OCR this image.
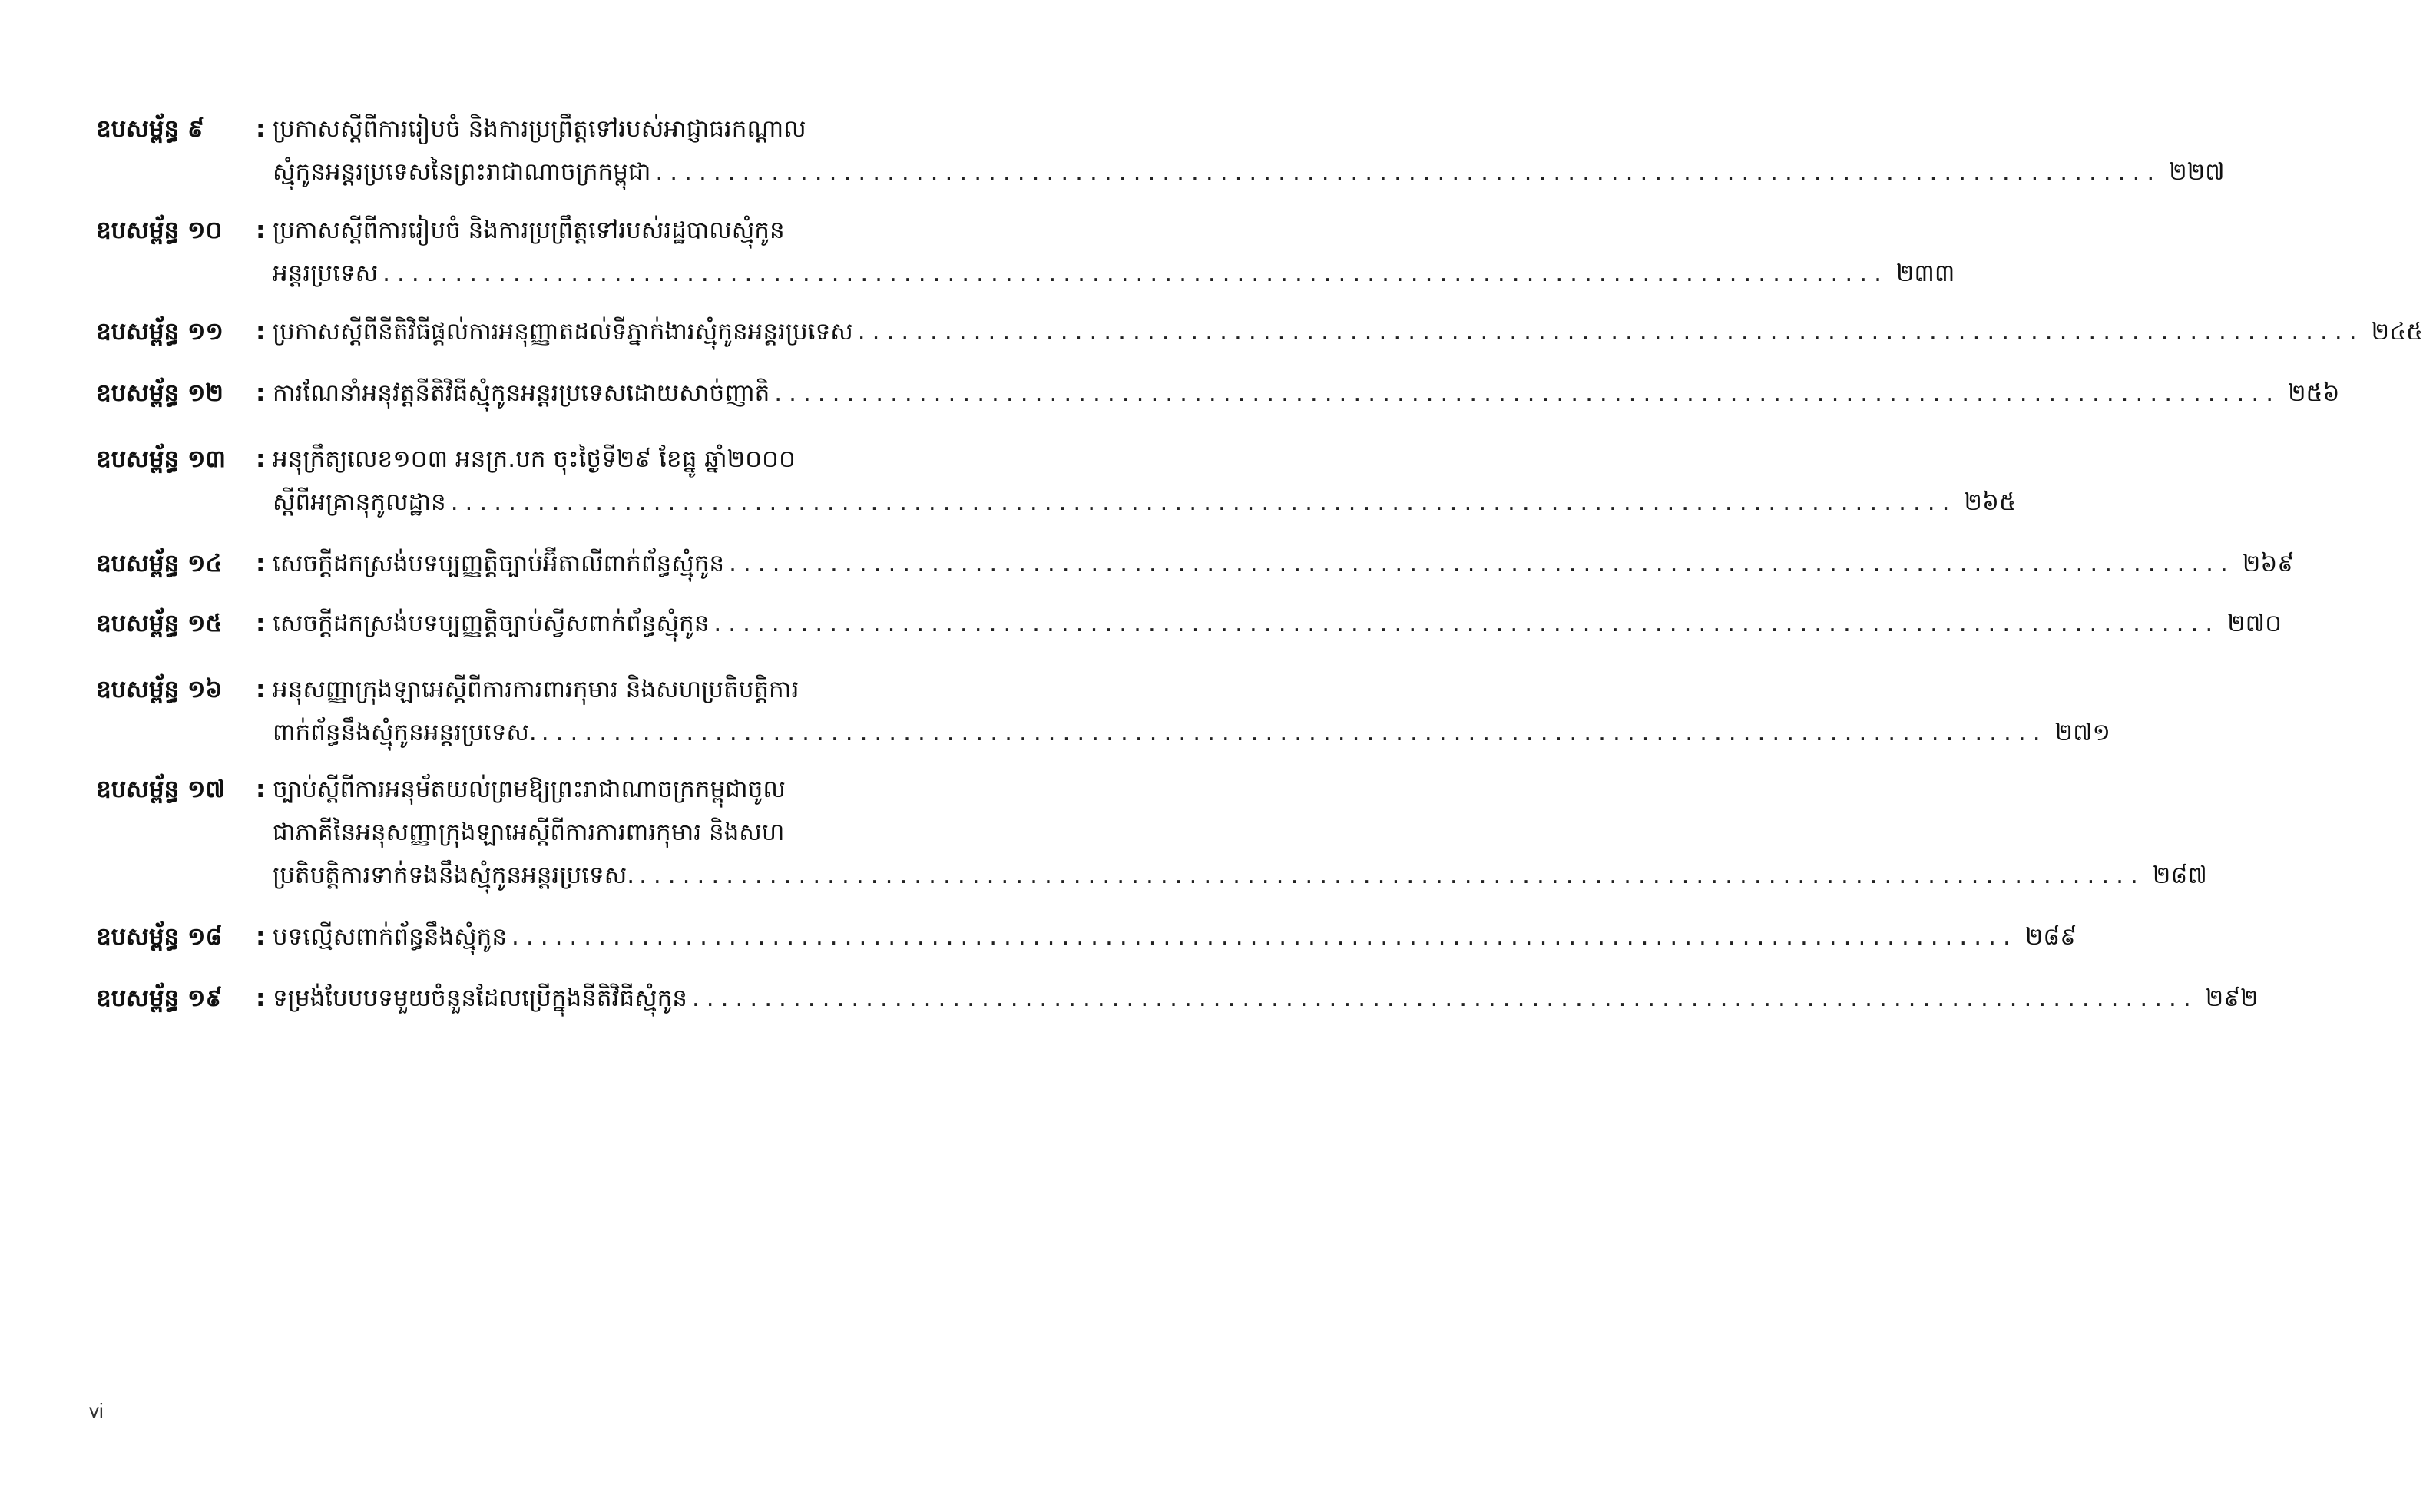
ឧបសម្ព័ន្ធ ៩	: ប្រកាសស្តីពីការរៀបចំ និងការប្រព្រឹត្តទៅរបស់អាជ្ញាធរកណ្តាល
ស្មុំកូនអន្តរប្រទេសនៃព្រះរាជាណាចក្រកម្ពុជា ........................................................................................................ ២២៧
ឧបសម្ព័ន្ធ ១០	: ប្រកាសស្តីពីការរៀបចំ និងការប្រព្រឹត្តទៅរបស់រដ្ឋបាលស្មុំកូន
អន្តរប្រទេស ........................................................................................................ ២៣៣
ឧបសម្ព័ន្ធ ១១	: ប្រកាសស្តីពីនីតិវិធីផ្តល់ការអនុញ្ញាតដល់ទីភ្នាក់ងារស្មុំកូនអន្តរប្រទេស ........................................................................................................ ២៤៥
ឧបសម្ព័ន្ធ ១២	: ការណែនាំអនុវត្តនីតិវិធីស្មុំកូនអន្តរប្រទេសដោយសាច់ញាតិ ........................................................................................................ ២៥៦
ឧបសម្ព័ន្ធ ១៣	: អនុក្រឹត្យលេខ១០៣ អនក្រ.បក ចុះថ្ងៃទី២៩ ខែធ្នូ ឆ្នាំ២០០០
ស្តីពីអគ្រានុកូលដ្ឋាន ........................................................................................................ ២៦៥
ឧបសម្ព័ន្ធ ១៤	: សេចក្តីដកស្រង់បទប្បញ្ញត្តិច្បាប់អ៊ីតាលីពាក់ព័ន្ធស្មុំកូន ........................................................................................................ ២៦៩
ឧបសម្ព័ន្ធ ១៥	: សេចក្តីដកស្រង់បទប្បញ្ញត្តិច្បាប់ស្វីសពាក់ព័ន្ធស្មុំកូន ........................................................................................................ ២៧០
ឧបសម្ព័ន្ធ ១៦	: អនុសញ្ញាក្រុងឡាអេស្តីពីការការពារកុមារ និងសហប្រតិបត្តិការ
ពាក់ព័ន្ធនឹងស្មុំកូនអន្តរប្រទេស. ........................................................................................................ ២៧១
ឧបសម្ព័ន្ធ ១៧	: ច្បាប់ស្តីពីការអនុម័តយល់ព្រមឱ្យព្រះរាជាណាចក្រកម្ពុជាចូល
ជាភាគីនៃអនុសញ្ញាក្រុងឡាអេស្តីពីការការពារកុមារ និងសហ
ប្រតិបត្តិការទាក់ទងនឹងស្មុំកូនអន្តរប្រទេស. ........................................................................................................ ២៨៧
ឧបសម្ព័ន្ធ ១៨	: បទល្មើសពាក់ព័ន្ធនឹងស្មុំកូន ........................................................................................................ ២៨៩
ឧបសម្ព័ន្ធ ១៩	: ទម្រង់បែបបទមួយចំនួនដែលប្រើក្នុងនីតិវិធីស្មុំកូន ........................................................................................................ ២៩២
vi
